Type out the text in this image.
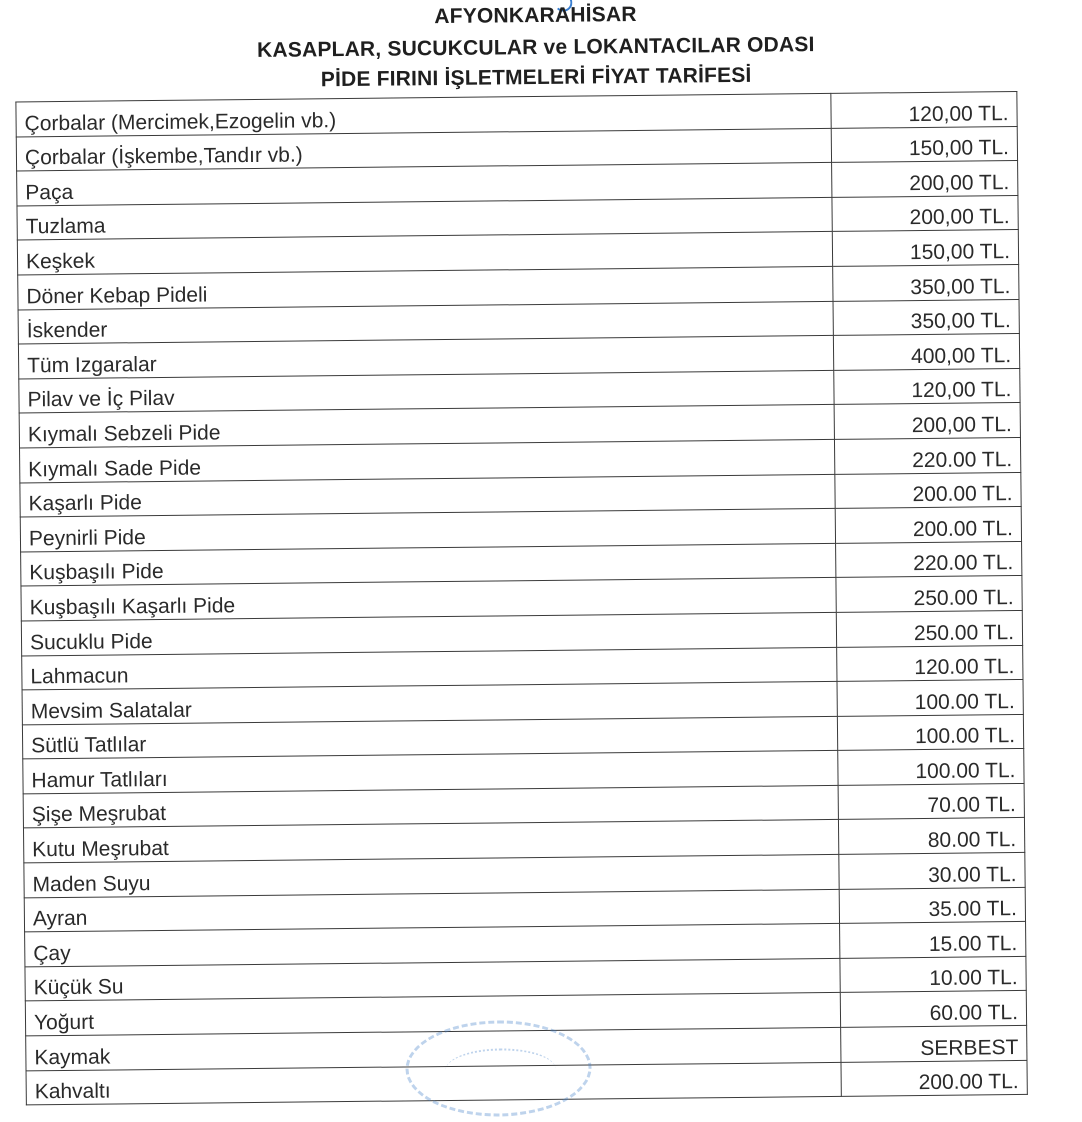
AFYONKARAHİSAR
KASAPLAR, SUCUKCULAR ve LOKANTACILAR ODASI
PİDE FIRINI İŞLETMELERİ FİYAT TARİFESİ
Çorbalar (Mercimek,Ezogelin vb.)	120,00 TL.
Çorbalar (İşkembe,Tandır vb.)	150,00 TL.
Paça	200,00 TL.
Tuzlama	200,00 TL.
Keşkek	150,00 TL.
Döner Kebap Pideli	350,00 TL.
İskender	350,00 TL.
Tüm Izgaralar	400,00 TL.
Pilav ve İç Pilav	120,00 TL.
Kıymalı Sebzeli Pide	200,00 TL.
Kıymalı Sade Pide	220.00 TL.
Kaşarlı Pide	200.00 TL.
Peynirli Pide	200.00 TL.
Kuşbaşılı Pide	220.00 TL.
Kuşbaşılı Kaşarlı Pide	250.00 TL.
Sucuklu Pide	250.00 TL.
Lahmacun	120.00 TL.
Mevsim Salatalar	100.00 TL.
Sütlü Tatlılar	100.00 TL.
Hamur Tatlıları	100.00 TL.
Şişe Meşrubat	70.00 TL.
Kutu Meşrubat	80.00 TL.
Maden Suyu	30.00 TL.
Ayran	35.00 TL.
Çay	15.00 TL.
Küçük Su	10.00 TL.
Yoğurt	60.00 TL.
Kaymak	SERBEST
Kahvaltı	200.00 TL.
